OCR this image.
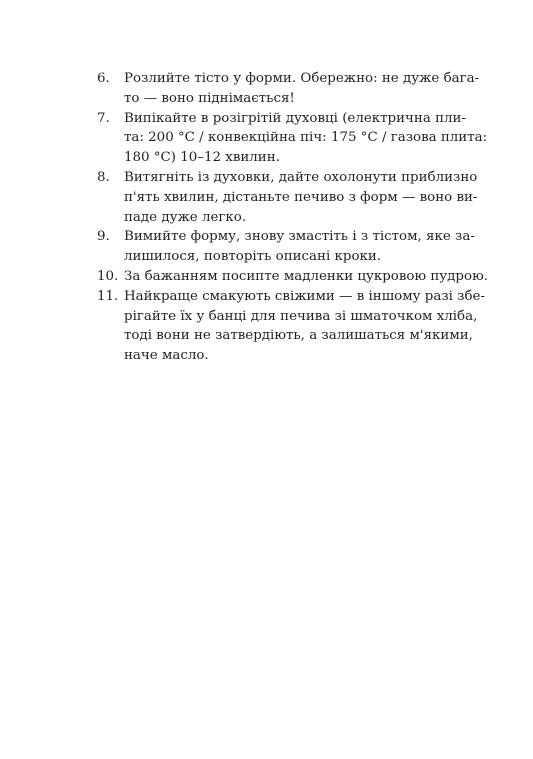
6.	Розлийте тісто у форми. Обережно: не дуже бага-
то — воно піднімається!
7.	Випікайте в розігрітій духовці (електрична пли-
та: 200 °C / конвекційна піч: 175 °C / газова плита:
180 °C) 10–12 хвилин.
8.	Витягніть із духовки, дайте охолонути приблизно
п'ять хвилин, дістаньте печиво з форм — воно ви-
паде дуже легко.
9.	Вимийте форму, знову змастіть і з тістом, яке за-
лишилося, повторіть описані кроки.
10. За бажанням посипте мадленки цукровою пудрою.
11. Найкраще смакують свіжими — в іншому разі збе-
рігайте їх у банці для печива зі шматочком хліба,
тоді вони не затвердіють, а залишаться м'якими,
наче масло.
